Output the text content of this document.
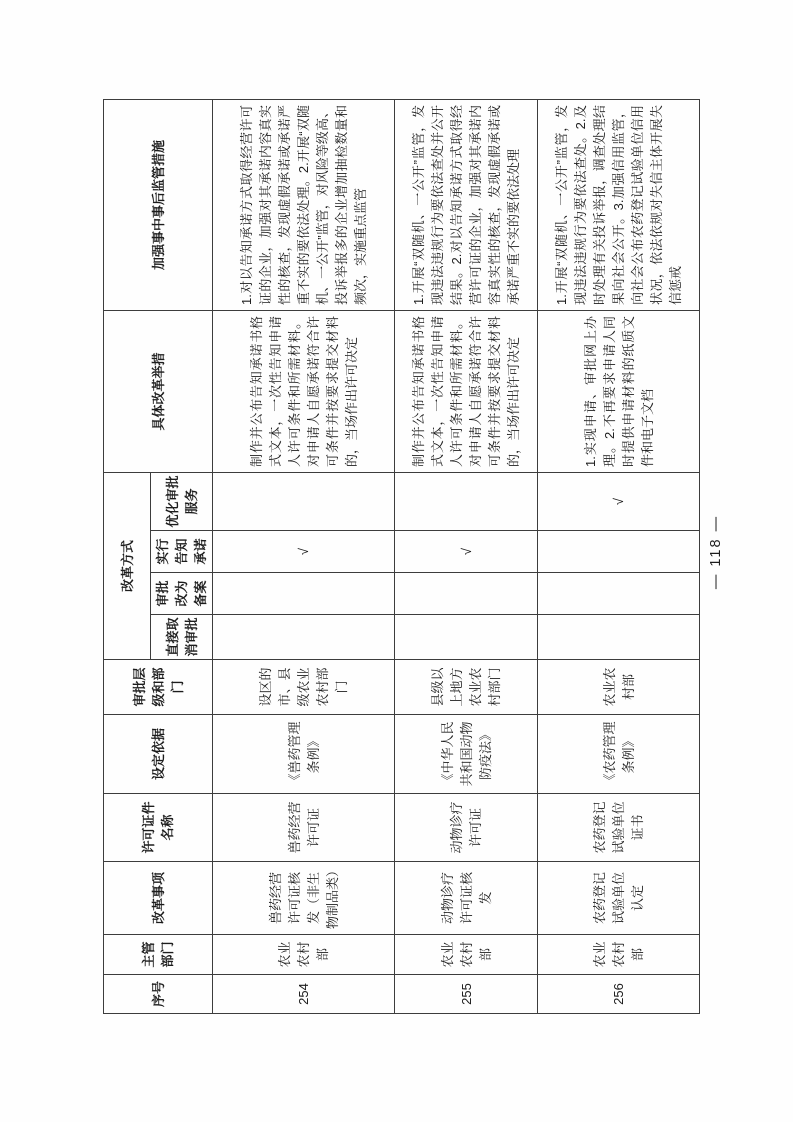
序号	主管部门	改革事项	许可证件名称	设定依据	审批层级和部门	改革方式				具体改革举措	加强事中事后监管措施
						直接取消审批	审批改为备案	实行告知承诺	优化审批服务		
254	农业农村部	兽药经营许可证核发（非生物制品类）	兽药经营许可证	《兽药管理条例》	设区的市、县级农业农村部门			√		制作并公布告知承诺书格式文本，一次性告知申请人许可条件和所需材料。对申请人自愿承诺符合许可条件并按要求提交材料的，当场作出许可决定	1.对以告知承诺方式取得经营许可证的企业，加强对其承诺内容真实性的核查，发现虚假承诺或承诺严重不实的要依法处理。2.开展“双随机、一公开”监管，对风险等级高、投诉举报多的企业增加抽检数量和频次，实施重点监管
255	农业农村部	动物诊疗许可证核发	动物诊疗许可证	《中华人民共和国动物防疫法》	县级以上地方农业农村部门			√		制作并公布告知承诺书格式文本，一次性告知申请人许可条件和所需材料。对申请人自愿承诺符合许可条件并按要求提交材料的，当场作出许可决定	1.开展“双随机、一公开”监管，发现违法违规行为要依法查处并公开结果。2.对以告知承诺方式取得经营许可证的企业，加强对其承诺内容真实性的核查，发现虚假承诺或承诺严重不实的要依法处理
256	农业农村部	农药登记试验单位认定	农药登记试验单位证书	《农药管理条例》	农业农村部				√	1.实现申请、审批网上办理。2.不再要求申请人同时提供申请材料的纸质文件和电子文档	1.开展“双随机、一公开”监管，发现违法违规行为要依法查处。2.及时处理有关投诉举报，调查处理结果向社会公开。3.加强信用监管，向社会公布农药登记试验单位信用状况，依法依规对失信主体开展失信惩戒
— 118 —
